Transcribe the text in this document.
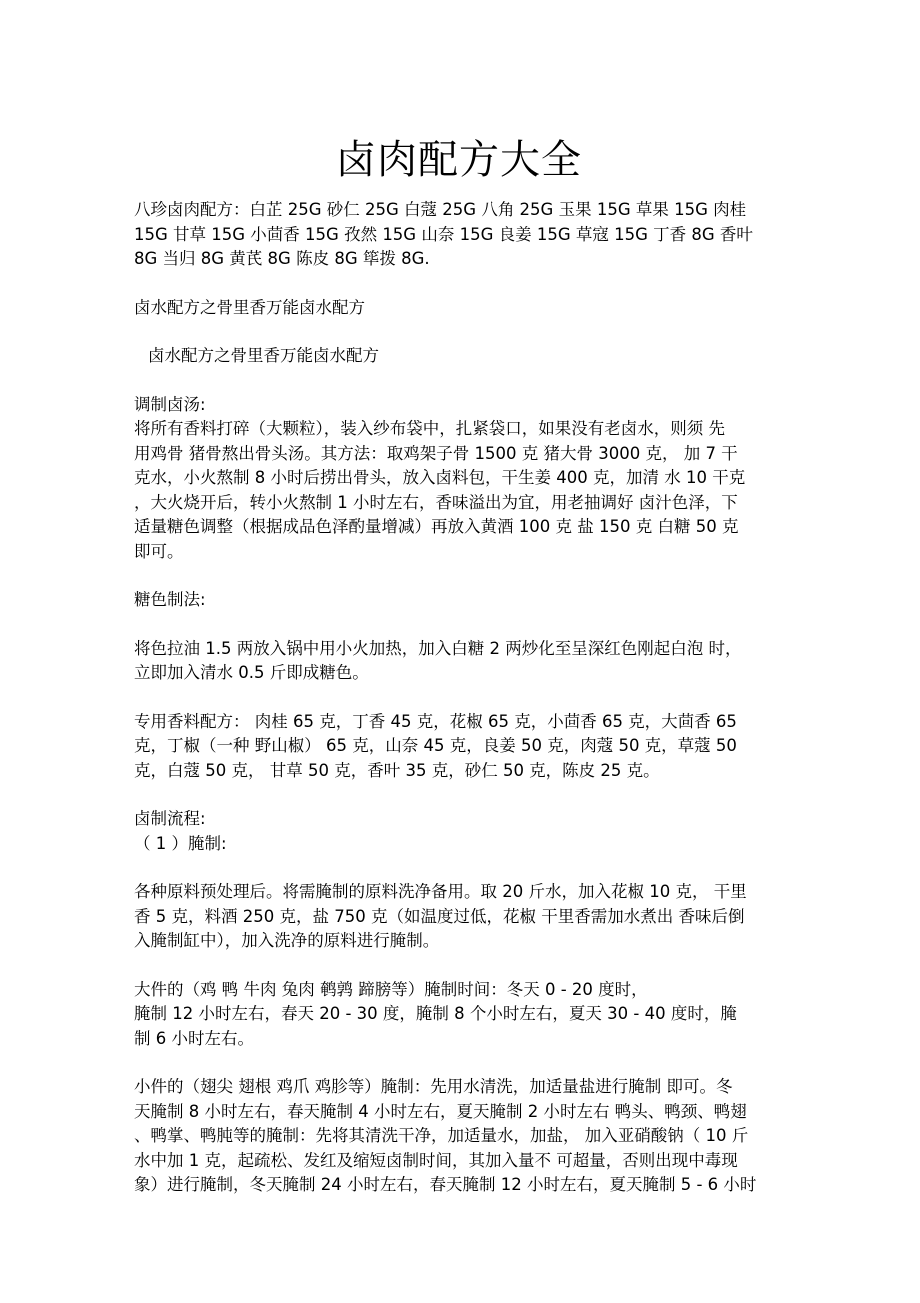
卤肉配方大全
八珍卤肉配方：白芷 25G 砂仁 25G 白蔻 25G 八角 25G 玉果 15G 草果 15G 肉桂
15G 甘草 15G 小茴香 15G 孜然 15G 山奈 15G 良姜 15G 草寇 15G 丁香 8G 香叶
8G 当归 8G 黄芪 8G 陈皮 8G 筚拨 8G.
卤水配方之骨里香万能卤水配方
卤水配方之骨里香万能卤水配方
调制卤汤:
将所有香料打碎（大颗粒），装入纱布袋中，扎紧袋口，如果没有老卤水，则须 先
用鸡骨 猪骨熬出骨头汤。其方法：取鸡架子骨 1500 克 猪大骨 3000 克， 加 7 干
克水，小火熬制 8 小时后捞出骨头，放入卤料包，干生姜 400 克，加清 水 10 干克
，大火烧开后，转小火熬制 1 小时左右，香味溢出为宜，用老抽调好 卤汁色泽，下
适量糖色调整（根据成品色泽酌量增减）再放入黄酒 100 克 盐 150 克 白糖 50 克
即可。
糖色制法:
将色拉油 1.5 两放入锅中用小火加热，加入白糖 2 两炒化至呈深红色刚起白泡 时，
立即加入清水 0.5 斤即成糖色。
专用香料配方： 肉桂 65 克，丁香 45 克，花椒 65 克，小茴香 65 克，大茴香 65
克，丁椒（一种 野山椒） 65 克，山奈 45 克，良姜 50 克，肉蔻 50 克，草蔻 50
克，白蔻 50 克， 甘草 50 克，香叶 35 克，砂仁 50 克，陈皮 25 克。
卤制流程:
（ 1 ）腌制:
各种原料预处理后。将需腌制的原料洗净备用。取 20 斤水，加入花椒 10 克， 干里
香 5 克，料酒 250 克，盐 750 克（如温度过低，花椒 干里香需加水煮出 香味后倒
入腌制缸中），加入洗净的原料进行腌制。
大件的（鸡 鸭 牛肉 兔肉 鹌鹑 蹄膀等）腌制时间：冬天 0 - 20 度时，
腌制 12 小时左右，春天 20 - 30 度，腌制 8 个小时左右，夏天 30 - 40 度时，腌
制 6 小时左右。
小件的（翅尖 翅根 鸡爪 鸡胗等）腌制：先用水清洗，加适量盐进行腌制 即可。冬
天腌制 8 小时左右，春天腌制 4 小时左右，夏天腌制 2 小时左右 鸭头、鸭颈、鸭翅
、鸭掌、鸭肫等的腌制：先将其清洗干净，加适量水，加盐， 加入亚硝酸钠（ 10 斤
水中加 1 克，起疏松、发红及缩短卤制时间，其加入量不 可超量，否则出现中毒现
象）进行腌制，冬天腌制 24 小时左右，春天腌制 12 小时左右，夏天腌制 5 - 6 小时
